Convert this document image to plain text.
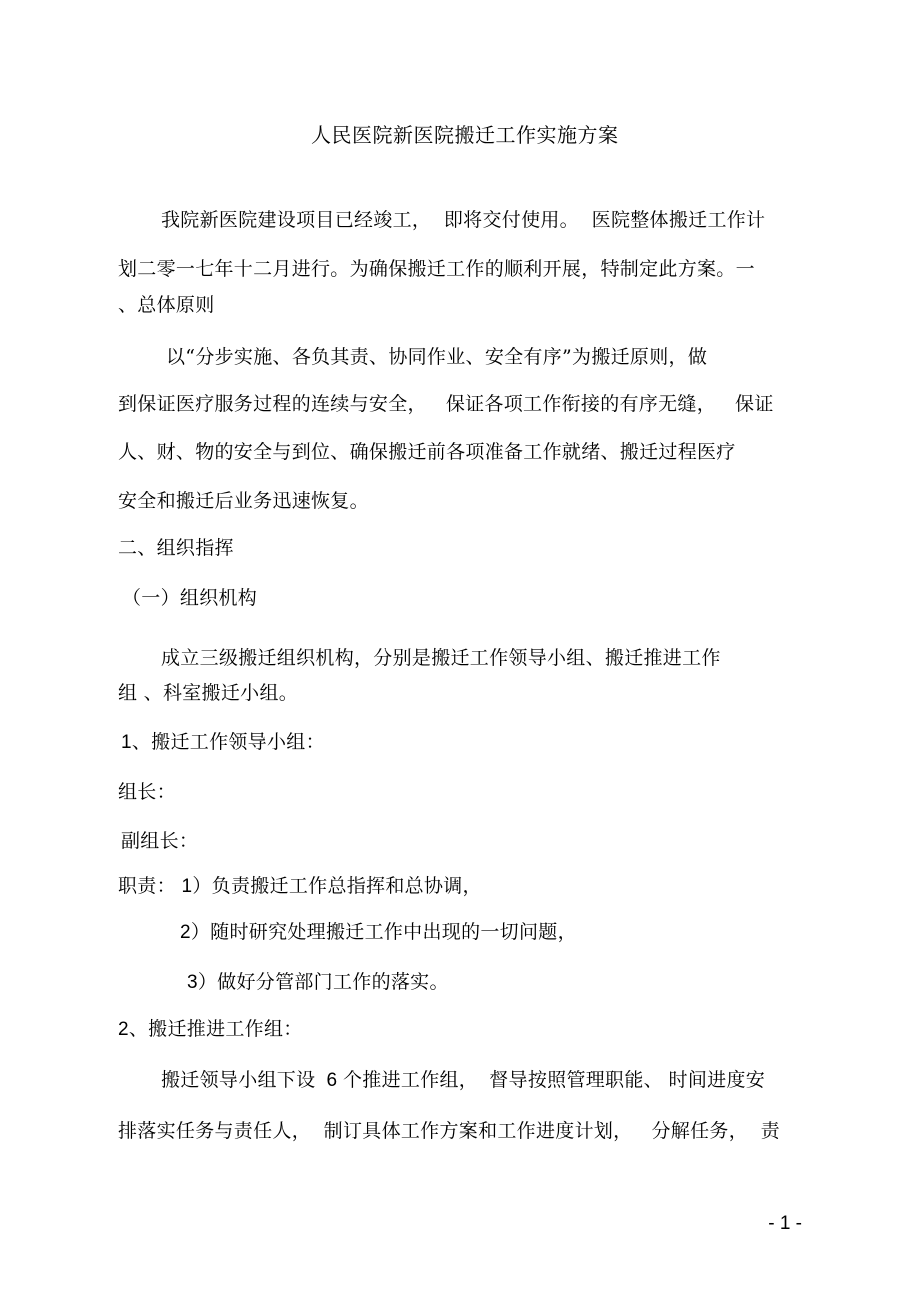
人民医院新医院搬迁工作实施方案
我院新医院建设项目已经竣工，  即将交付使用。  医院整体搬迁工作计
划二零一七年十二月进行。为确保搬迁工作的顺利开展，特制定此方案。一
、总体原则
以“分步实施、各负其责、协同作业、安全有序”为搬迁原则，做
到保证医疗服务过程的连续与安全，   保证各项工作衔接的有序无缝，   保证
人、财、物的安全与到位、确保搬迁前各项准备工作就绪、搬迁过程医疗
安全和搬迁后业务迅速恢复。
二、组织指挥
（一）组织机构
成立三级搬迁组织机构，分别是搬迁工作领导小组、搬迁推进工作
组 、科室搬迁小组。
1、搬迁工作领导小组：
组长：
副组长：
职责： 1）负责搬迁工作总指挥和总协调，
2）随时研究处理搬迁工作中出现的一切问题，
3）做好分管部门工作的落实。
2、搬迁推进工作组：
搬迁领导小组下设  6 个推进工作组，  督导按照管理职能、 时间进度安
排落实任务与责任人，  制订具体工作方案和工作进度计划，   分解任务，  责
- 1 -
